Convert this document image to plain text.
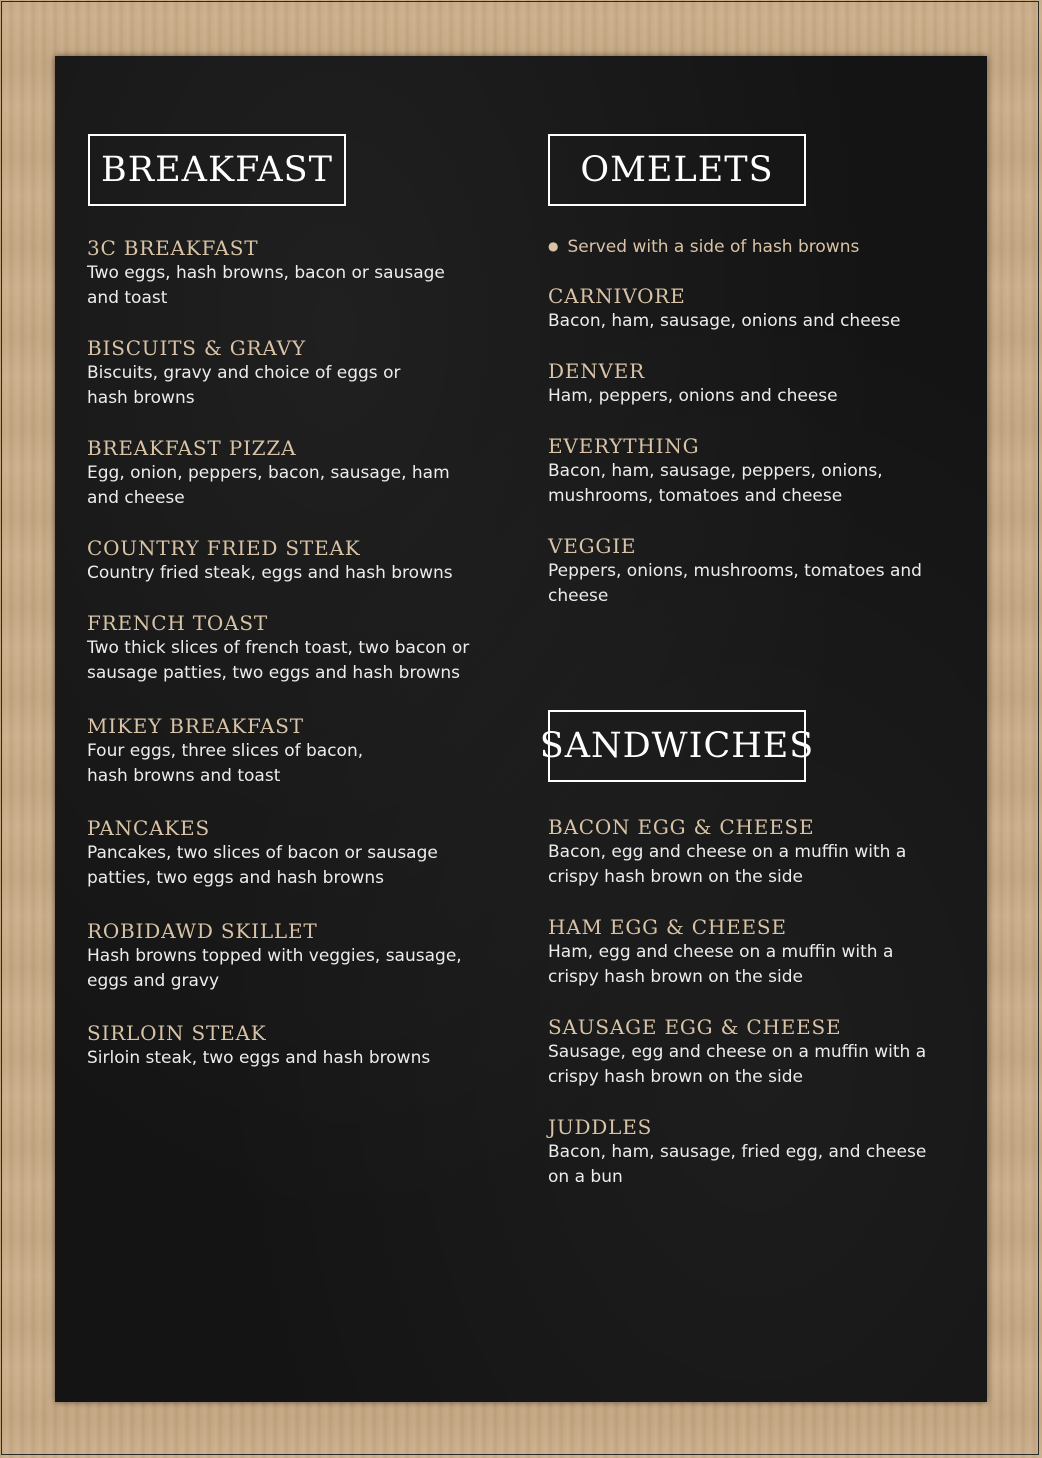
BREAKFAST
3C BREAKFAST
Two eggs, hash browns, bacon or sausage
and toast
BISCUITS & GRAVY
Biscuits, gravy and choice of eggs or
hash browns
BREAKFAST PIZZA
Egg, onion, peppers, bacon, sausage, ham
and cheese
COUNTRY FRIED STEAK
Country fried steak, eggs and hash browns
FRENCH TOAST
Two thick slices of french toast, two bacon or
sausage patties, two eggs and hash browns
MIKEY BREAKFAST
Four eggs, three slices of bacon,
hash browns and toast
PANCAKES
Pancakes, two slices of bacon or sausage
patties, two eggs and hash browns
ROBIDAWD SKILLET
Hash browns topped with veggies, sausage,
eggs and gravy
SIRLOIN STEAK
Sirloin steak, two eggs and hash browns
OMELETS
● Served with a side of hash browns
CARNIVORE
Bacon, ham, sausage, onions and cheese
DENVER
Ham, peppers, onions and cheese
EVERYTHING
Bacon, ham, sausage, peppers, onions,
mushrooms, tomatoes and cheese
VEGGIE
Peppers, onions, mushrooms, tomatoes and
cheese
SANDWICHES
BACON EGG & CHEESE
Bacon, egg and cheese on a muffin with a
crispy hash brown on the side
HAM EGG & CHEESE
Ham, egg and cheese on a muffin with a
crispy hash brown on the side
SAUSAGE EGG & CHEESE
Sausage, egg and cheese on a muffin with a
crispy hash brown on the side
JUDDLES
Bacon, ham, sausage, fried egg, and cheese
on a bun
